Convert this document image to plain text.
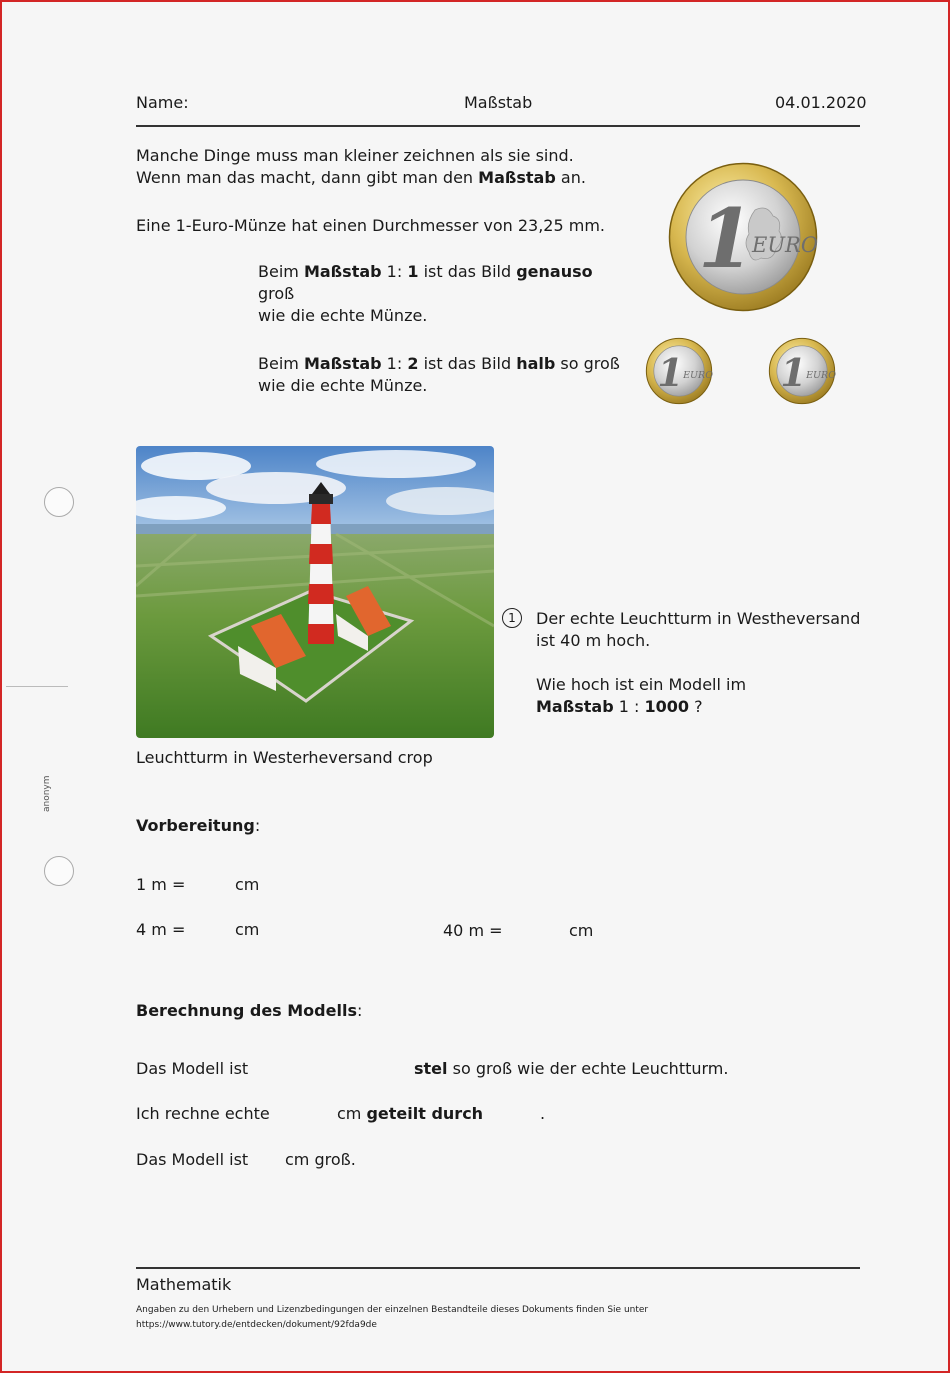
anonym
Name:	Maßstab	04.01.2020
Manche Dinge muss man kleiner zeichnen als sie sind.
Wenn man das macht, dann gibt man den Maßstab an.
Eine 1-Euro-Münze hat einen Durchmesser von 23,25 mm.
Beim Maßstab 1: 1 ist das Bild genauso groß
wie die echte Münze.
Beim Maßstab 1: 2 ist das Bild halb so groß
wie die echte Münze.
1
EURO
1 EURO 1 EURO
Leuchtturm in Westerheversand crop
1	Der echte Leuchtturm in Westheversand
ist 40 m hoch.
Wie hoch ist ein Modell im
Maßstab 1 : 1000 ?
Vorbereitung:
1 m =	cm
4 m =	cm	40 m =	cm
Berechnung des Modells:
Das Modell ist	stel so groß wie der echte Leuchtturm.
Ich rechne echte	cm geteilt durch	.
Das Modell ist cm groß.
Mathematik
Angaben zu den Urhebern und Lizenzbedingungen der einzelnen Bestandteile dieses Dokuments finden Sie unter
https://www.tutory.de/entdecken/dokument/92fda9de
